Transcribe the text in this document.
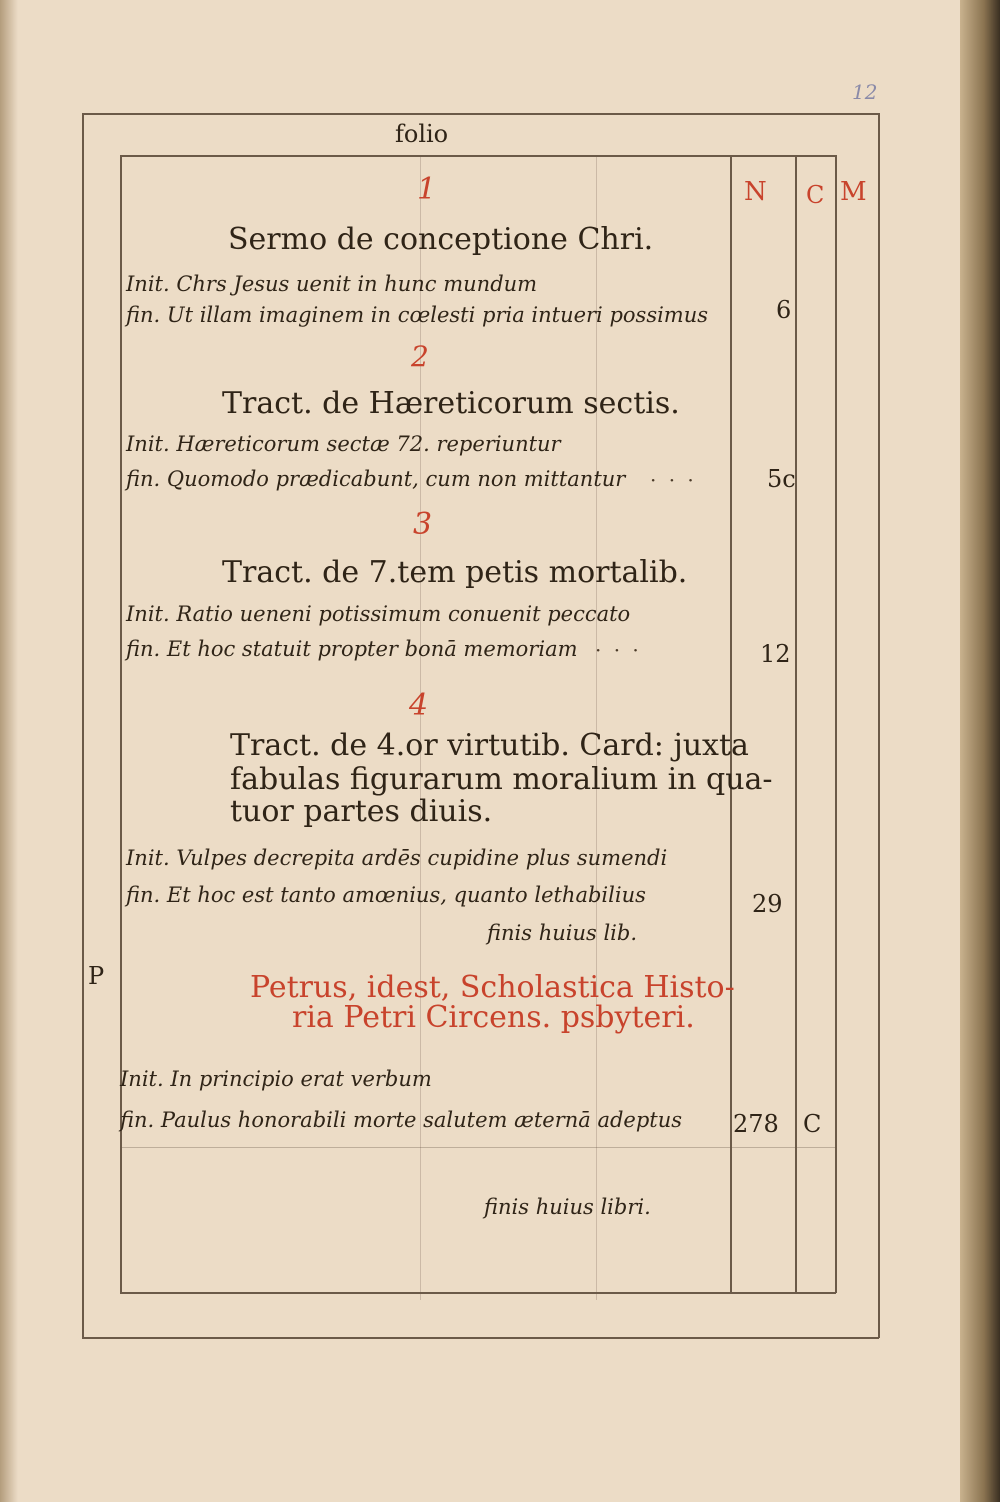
12
folio
N C M
1
Sermo de conceptione Chri.
Init. Chrs Jesus uenit in hunc mundum
fin. Ut illam imaginem in cœlesti pria intueri possimus	6
2
Tract. de Hæreticorum sectis.
Init. Hæreticorum sectæ 72. reperiuntur
fin. Quomodo prædicabunt, cum non mittantur · · ·	5c
3
Tract. de 7.tem petis mortalib.
Init. Ratio ueneni potissimum conuenit peccato
fin. Et hoc statuit propter bonā memoriam · · ·	12
4
Tract. de 4.or virtutib. Card: juxta
fabulas figurarum moralium in qua-
tuor partes diuis.
Init. Vulpes decrepita ardēs cupidine plus sumendi
fin. Et hoc est tanto amœnius, quanto lethabilius	29
finis huius lib.
P	Petrus, idest, Scholastica Histo-
ria Petri Circens. psbyteri.
Init. In principio erat verbum
fin. Paulus honorabili morte salutem æternā adeptus 278 C
finis huius libri.
